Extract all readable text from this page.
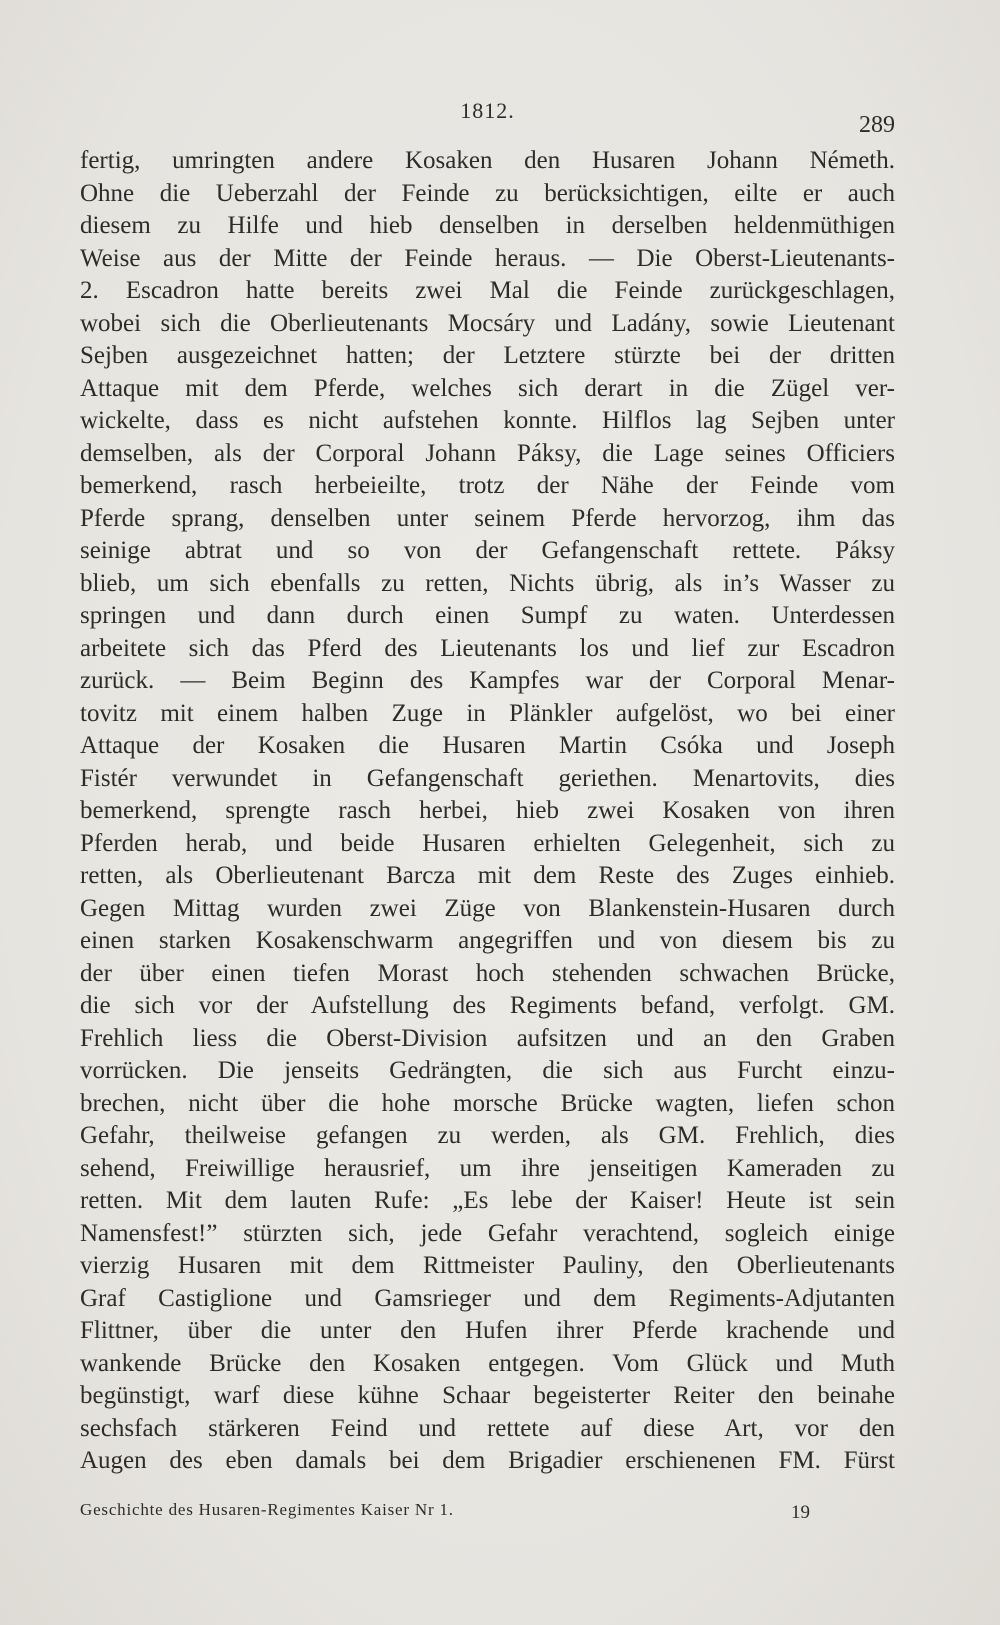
1812.
289
fertig, umringten andere Kosaken den Husaren Johann Németh.
Ohne die Ueberzahl der Feinde zu berücksichtigen, eilte er auch
diesem zu Hilfe und hieb denselben in derselben heldenmüthigen
Weise aus der Mitte der Feinde heraus. — Die Oberst-Lieutenants-
2. Escadron hatte bereits zwei Mal die Feinde zurückgeschlagen,
wobei sich die Oberlieutenants Mocsáry und Ladány, sowie Lieutenant
Sejben ausgezeichnet hatten; der Letztere stürzte bei der dritten
Attaque mit dem Pferde, welches sich derart in die Zügel ver-
wickelte, dass es nicht aufstehen konnte. Hilflos lag Sejben unter
demselben, als der Corporal Johann Páksy, die Lage seines Officiers
bemerkend, rasch herbeieilte, trotz der Nähe der Feinde vom
Pferde sprang, denselben unter seinem Pferde hervorzog, ihm das
seinige abtrat und so von der Gefangenschaft rettete. Páksy
blieb, um sich ebenfalls zu retten, Nichts übrig, als in’s Wasser zu
springen und dann durch einen Sumpf zu waten. Unterdessen
arbeitete sich das Pferd des Lieutenants los und lief zur Escadron
zurück. — Beim Beginn des Kampfes war der Corporal Menar-
tovitz mit einem halben Zuge in Plänkler aufgelöst, wo bei einer
Attaque der Kosaken die Husaren Martin Csóka und Joseph
Fistér verwundet in Gefangenschaft geriethen. Menartovits, dies
bemerkend, sprengte rasch herbei, hieb zwei Kosaken von ihren
Pferden herab, und beide Husaren erhielten Gelegenheit, sich zu
retten, als Oberlieutenant Barcza mit dem Reste des Zuges einhieb.
Gegen Mittag wurden zwei Züge von Blankenstein-Husaren durch
einen starken Kosakenschwarm angegriffen und von diesem bis zu
der über einen tiefen Morast hoch stehenden schwachen Brücke,
die sich vor der Aufstellung des Regiments befand, verfolgt. GM.
Frehlich liess die Oberst-Division aufsitzen und an den Graben
vorrücken. Die jenseits Gedrängten, die sich aus Furcht einzu-
brechen, nicht über die hohe morsche Brücke wagten, liefen schon
Gefahr, theilweise gefangen zu werden, als GM. Frehlich, dies
sehend, Freiwillige herausrief, um ihre jenseitigen Kameraden zu
retten. Mit dem lauten Rufe: „Es lebe der Kaiser! Heute ist sein
Namensfest!” stürzten sich, jede Gefahr verachtend, sogleich einige
vierzig Husaren mit dem Rittmeister Pauliny, den Oberlieutenants
Graf Castiglione und Gamsrieger und dem Regiments-Adjutanten
Flittner, über die unter den Hufen ihrer Pferde krachende und
wankende Brücke den Kosaken entgegen. Vom Glück und Muth
begünstigt, warf diese kühne Schaar begeisterter Reiter den beinahe
sechsfach stärkeren Feind und rettete auf diese Art, vor den
Augen des eben damals bei dem Brigadier erschienenen FM. Fürst
Geschichte des Husaren-Regimentes Kaiser Nr 1.	19
